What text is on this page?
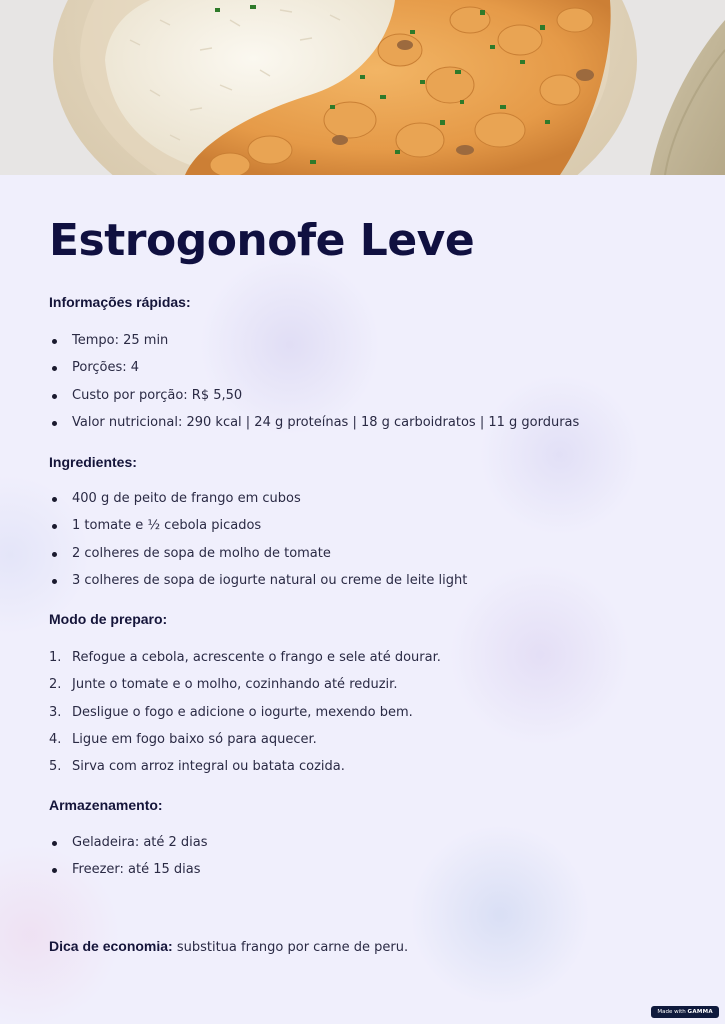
Estrogonofe Leve
Informações rápidas:
Tempo: 25 min
Porções: 4
Custo por porção: R$ 5,50
Valor nutricional: 290 kcal | 24 g proteínas | 18 g carboidratos | 11 g gorduras
Ingredientes:
400 g de peito de frango em cubos
1 tomate e ½ cebola picados
2 colheres de sopa de molho de tomate
3 colheres de sopa de iogurte natural ou creme de leite light
Modo de preparo:
1. Refogue a cebola, acrescente o frango e sele até dourar.
2. Junte o tomate e o molho, cozinhando até reduzir.
3. Desligue o fogo e adicione o iogurte, mexendo bem.
4. Ligue em fogo baixo só para aquecer.
5. Sirva com arroz integral ou batata cozida.
Armazenamento:
Geladeira: até 2 dias
Freezer: até 15 dias
Dica de economia: substitua frango por carne de peru.
Made with GAMMA
